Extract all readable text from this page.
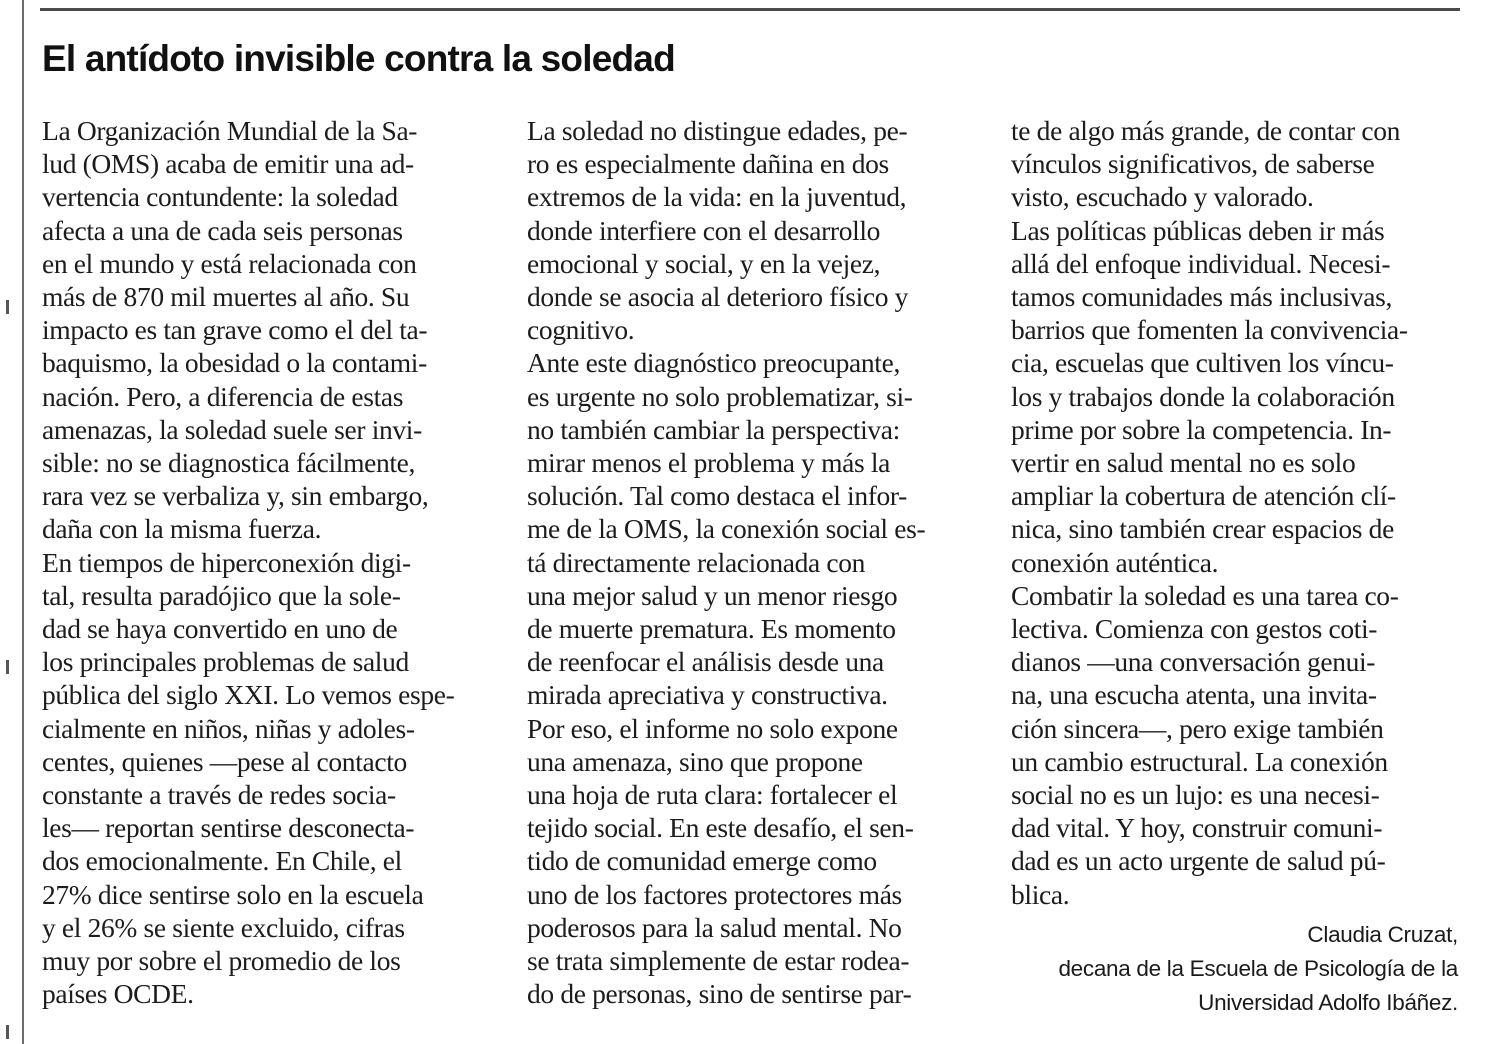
El antídoto invisible contra la soledad
La Organización Mundial de la Sa-
lud (OMS) acaba de emitir una ad-
vertencia contundente: la soledad
afecta a una de cada seis personas
en el mundo y está relacionada con
más de 870 mil muertes al año. Su
impacto es tan grave como el del ta-
baquismo, la obesidad o la contami-
nación. Pero, a diferencia de estas
amenazas, la soledad suele ser invi-
sible: no se diagnostica fácilmente,
rara vez se verbaliza y, sin embargo,
daña con la misma fuerza.
En tiempos de hiperconexión digi-
tal, resulta paradójico que la sole-
dad se haya convertido en uno de
los principales problemas de salud
pública del siglo XXI. Lo vemos espe-
cialmente en niños, niñas y adoles-
centes, quienes —pese al contacto
constante a través de redes socia-
les— reportan sentirse desconecta-
dos emocionalmente. En Chile, el
27% dice sentirse solo en la escuela
y el 26% se siente excluido, cifras
muy por sobre el promedio de los
países OCDE.
La soledad no distingue edades, pe-
ro es especialmente dañina en dos
extremos de la vida: en la juventud,
donde interfiere con el desarrollo
emocional y social, y en la vejez,
donde se asocia al deterioro físico y
cognitivo.
Ante este diagnóstico preocupante,
es urgente no solo problematizar, si-
no también cambiar la perspectiva:
mirar menos el problema y más la
solución. Tal como destaca el infor-
me de la OMS, la conexión social es-
tá directamente relacionada con
una mejor salud y un menor riesgo
de muerte prematura. Es momento
de reenfocar el análisis desde una
mirada apreciativa y constructiva.
Por eso, el informe no solo expone
una amenaza, sino que propone
una hoja de ruta clara: fortalecer el
tejido social. En este desafío, el sen-
tido de comunidad emerge como
uno de los factores protectores más
poderosos para la salud mental. No
se trata simplemente de estar rodea-
do de personas, sino de sentirse par-
te de algo más grande, de contar con
vínculos significativos, de saberse
visto, escuchado y valorado.
Las políticas públicas deben ir más
allá del enfoque individual. Necesi-
tamos comunidades más inclusivas,
barrios que fomenten la convivencia-
cia, escuelas que cultiven los víncu-
los y trabajos donde la colaboración
prime por sobre la competencia. In-
vertir en salud mental no es solo
ampliar la cobertura de atención clí-
nica, sino también crear espacios de
conexión auténtica.
Combatir la soledad es una tarea co-
lectiva. Comienza con gestos coti-
dianos —una conversación genui-
na, una escucha atenta, una invita-
ción sincera—, pero exige también
un cambio estructural. La conexión
social no es un lujo: es una necesi-
dad vital. Y hoy, construir comuni-
dad es un acto urgente de salud pú-
blica.
Claudia Cruzat,
decana de la Escuela de Psicología de la
Universidad Adolfo Ibáñez.
